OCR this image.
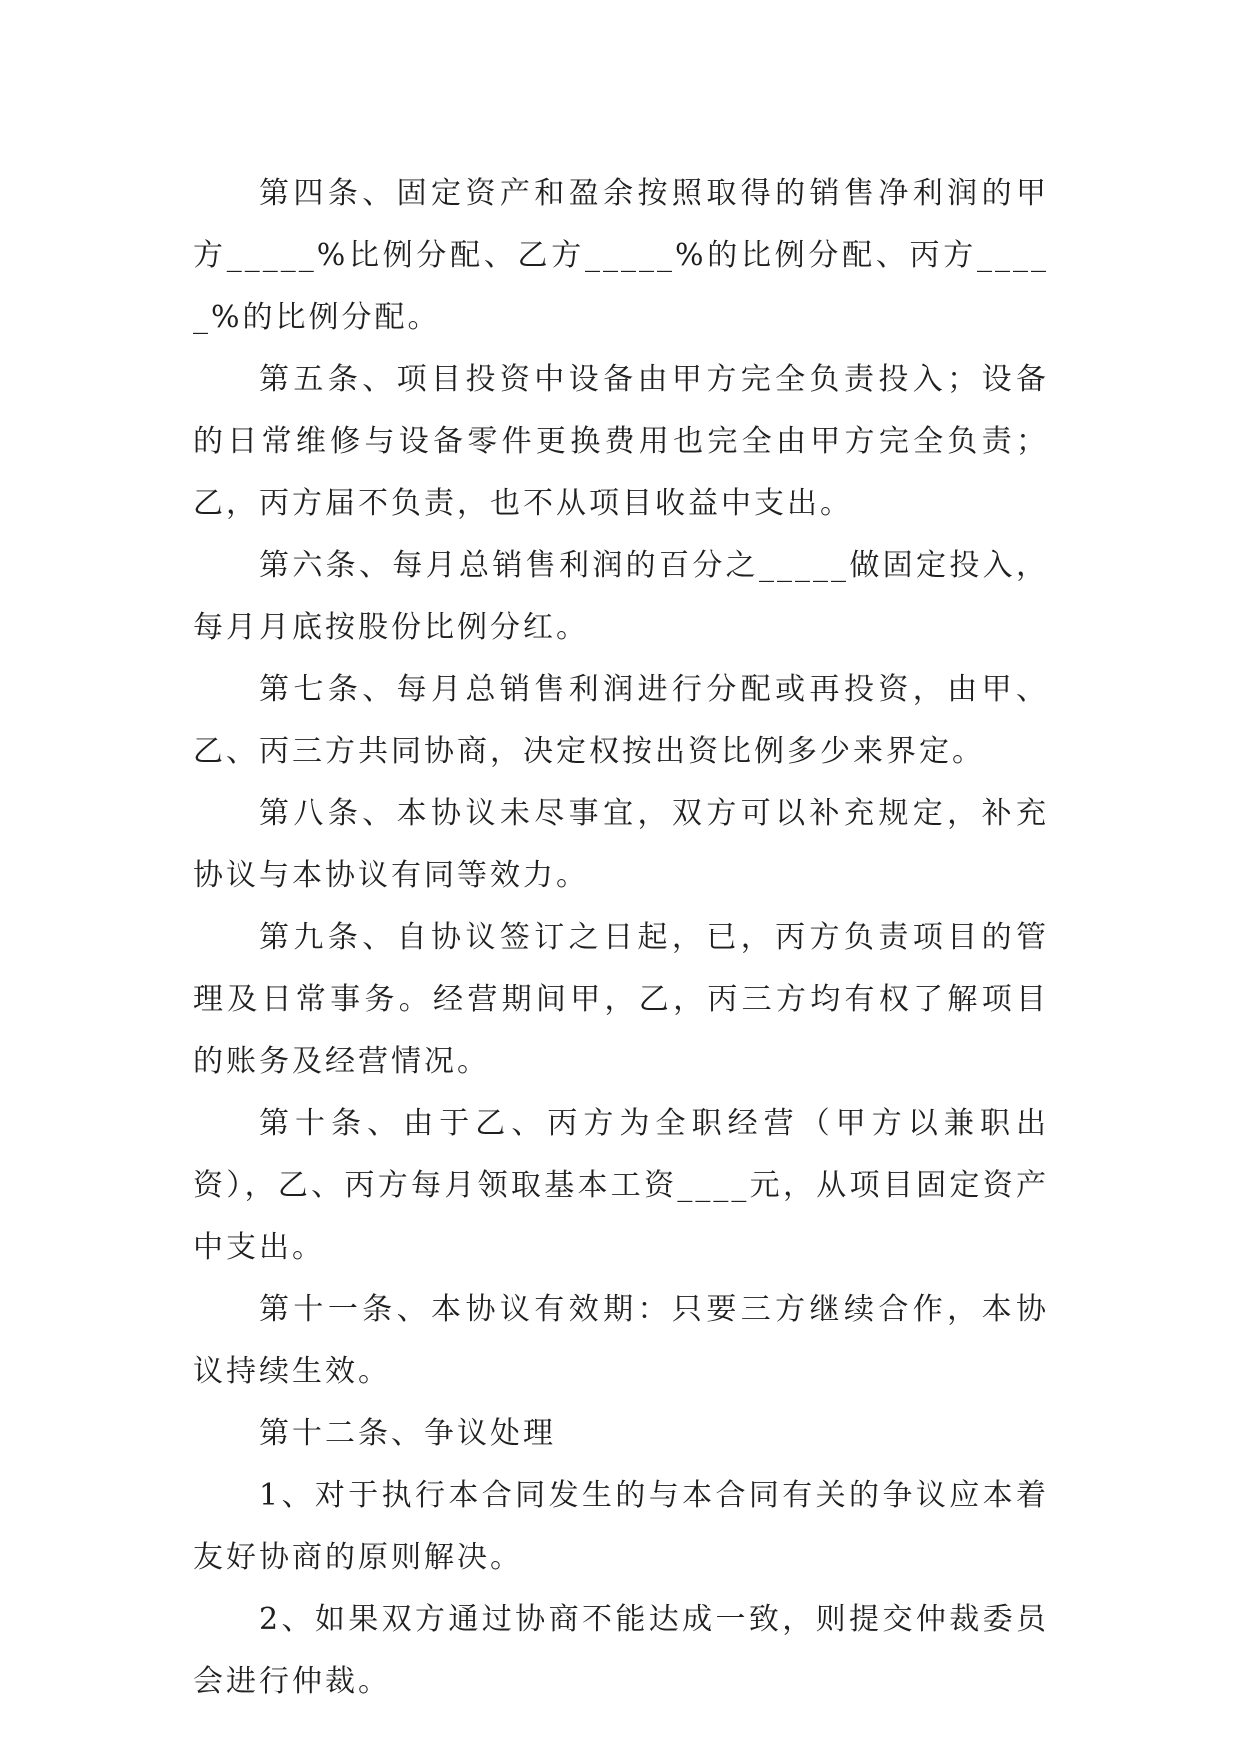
第四条、固定资产和盈余按照取得的销售净利润的甲方_____%比例分配、乙方_____%的比例分配、丙方_____%的比例分配。

第五条、项目投资中设备由甲方完全负责投入；设备的日常维修与设备零件更换费用也完全由甲方完全负责；乙，丙方届不负责，也不从项目收益中支出。

第六条、每月总销售利润的百分之_____做固定投入，每月月底按股份比例分红。

第七条、每月总销售利润进行分配或再投资，由甲、乙、丙三方共同协商，决定权按出资比例多少来界定。

第八条、本协议未尽事宜，双方可以补充规定，补充协议与本协议有同等效力。

第九条、自协议签订之日起，已，丙方负责项目的管理及日常事务。经营期间甲，乙，丙三方均有权了解项目的账务及经营情况。

第十条、由于乙、丙方为全职经营（甲方以兼职出资），乙、丙方每月领取基本工资____元，从项目固定资产中支出。

第十一条、本协议有效期：只要三方继续合作，本协议持续生效。

第十二条、争议处理

1、对于执行本合同发生的与本合同有关的争议应本着友好协商的原则解决。

2、如果双方通过协商不能达成一致，则提交仲裁委员会进行仲裁。
